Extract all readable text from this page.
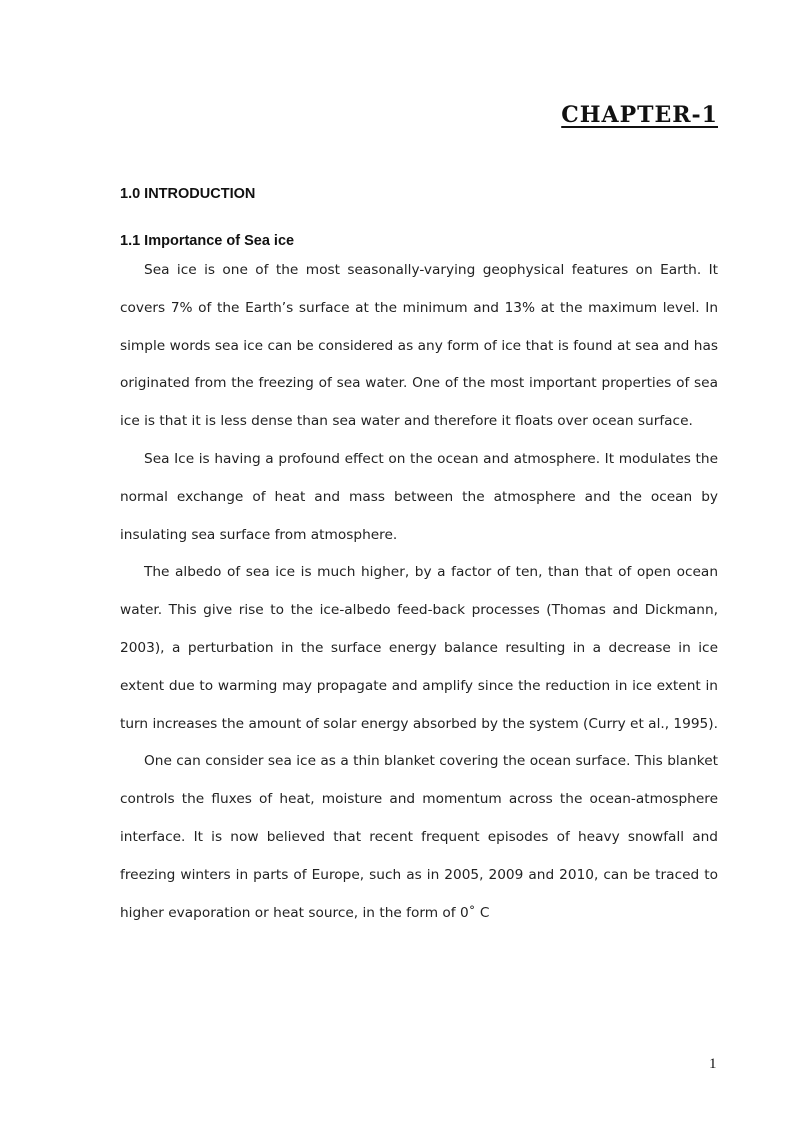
CHAPTER-1
1.0 INTRODUCTION
1.1 Importance of Sea ice

Sea ice is one of the most seasonally-varying geophysical features on Earth. It covers 7% of the Earth’s surface at the minimum and 13% at the maximum level. In simple words sea ice can be considered as any form of ice that is found at sea and has originated from the freezing of sea water. One of the most important properties of sea ice is that it is less dense than sea water and therefore it floats over ocean surface.

Sea Ice is having a profound effect on the ocean and atmosphere. It modulates the normal exchange of heat and mass between the atmosphere and the ocean by insulating sea surface from atmosphere.

The albedo of sea ice is much higher, by a factor of ten, than that of open ocean water. This give rise to the ice-albedo feed-back processes (Thomas and Dickmann, 2003), a perturbation in the surface energy balance resulting in a decrease in ice extent due to warming may propagate and amplify since the reduction in ice extent in turn increases the amount of solar energy absorbed by the system (Curry et al., 1995).

One can consider sea ice as a thin blanket covering the ocean surface. This blanket controls the fluxes of heat, moisture and momentum across the ocean-atmosphere interface. It is now believed that recent frequent episodes of heavy snowfall and freezing winters in parts of Europe, such as in 2005, 2009 and 2010, can be traced to higher evaporation or heat source, in the form of 0˚ C

1
